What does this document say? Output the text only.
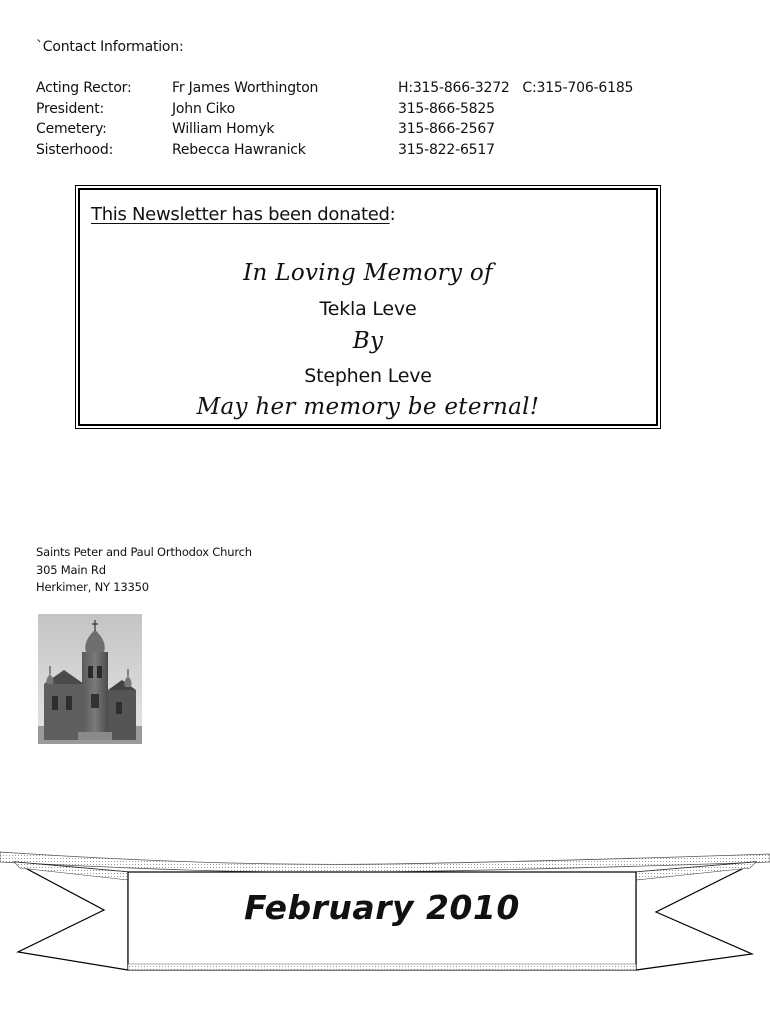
`Contact Information:
Acting Rector:	Fr James Worthington	H:315-866-3272   C:315-706-6185
President:	John Ciko	315-866-5825
Cemetery:	William Homyk	315-866-2567
Sisterhood:	Rebecca Hawranick	315-822-6517
This Newsletter has been donated:
In Loving Memory of
Tekla Leve
By
Stephen Leve
May her memory be eternal!
Saints Peter and Paul Orthodox Church
305 Main Rd
Herkimer, NY 13350
February 2010
